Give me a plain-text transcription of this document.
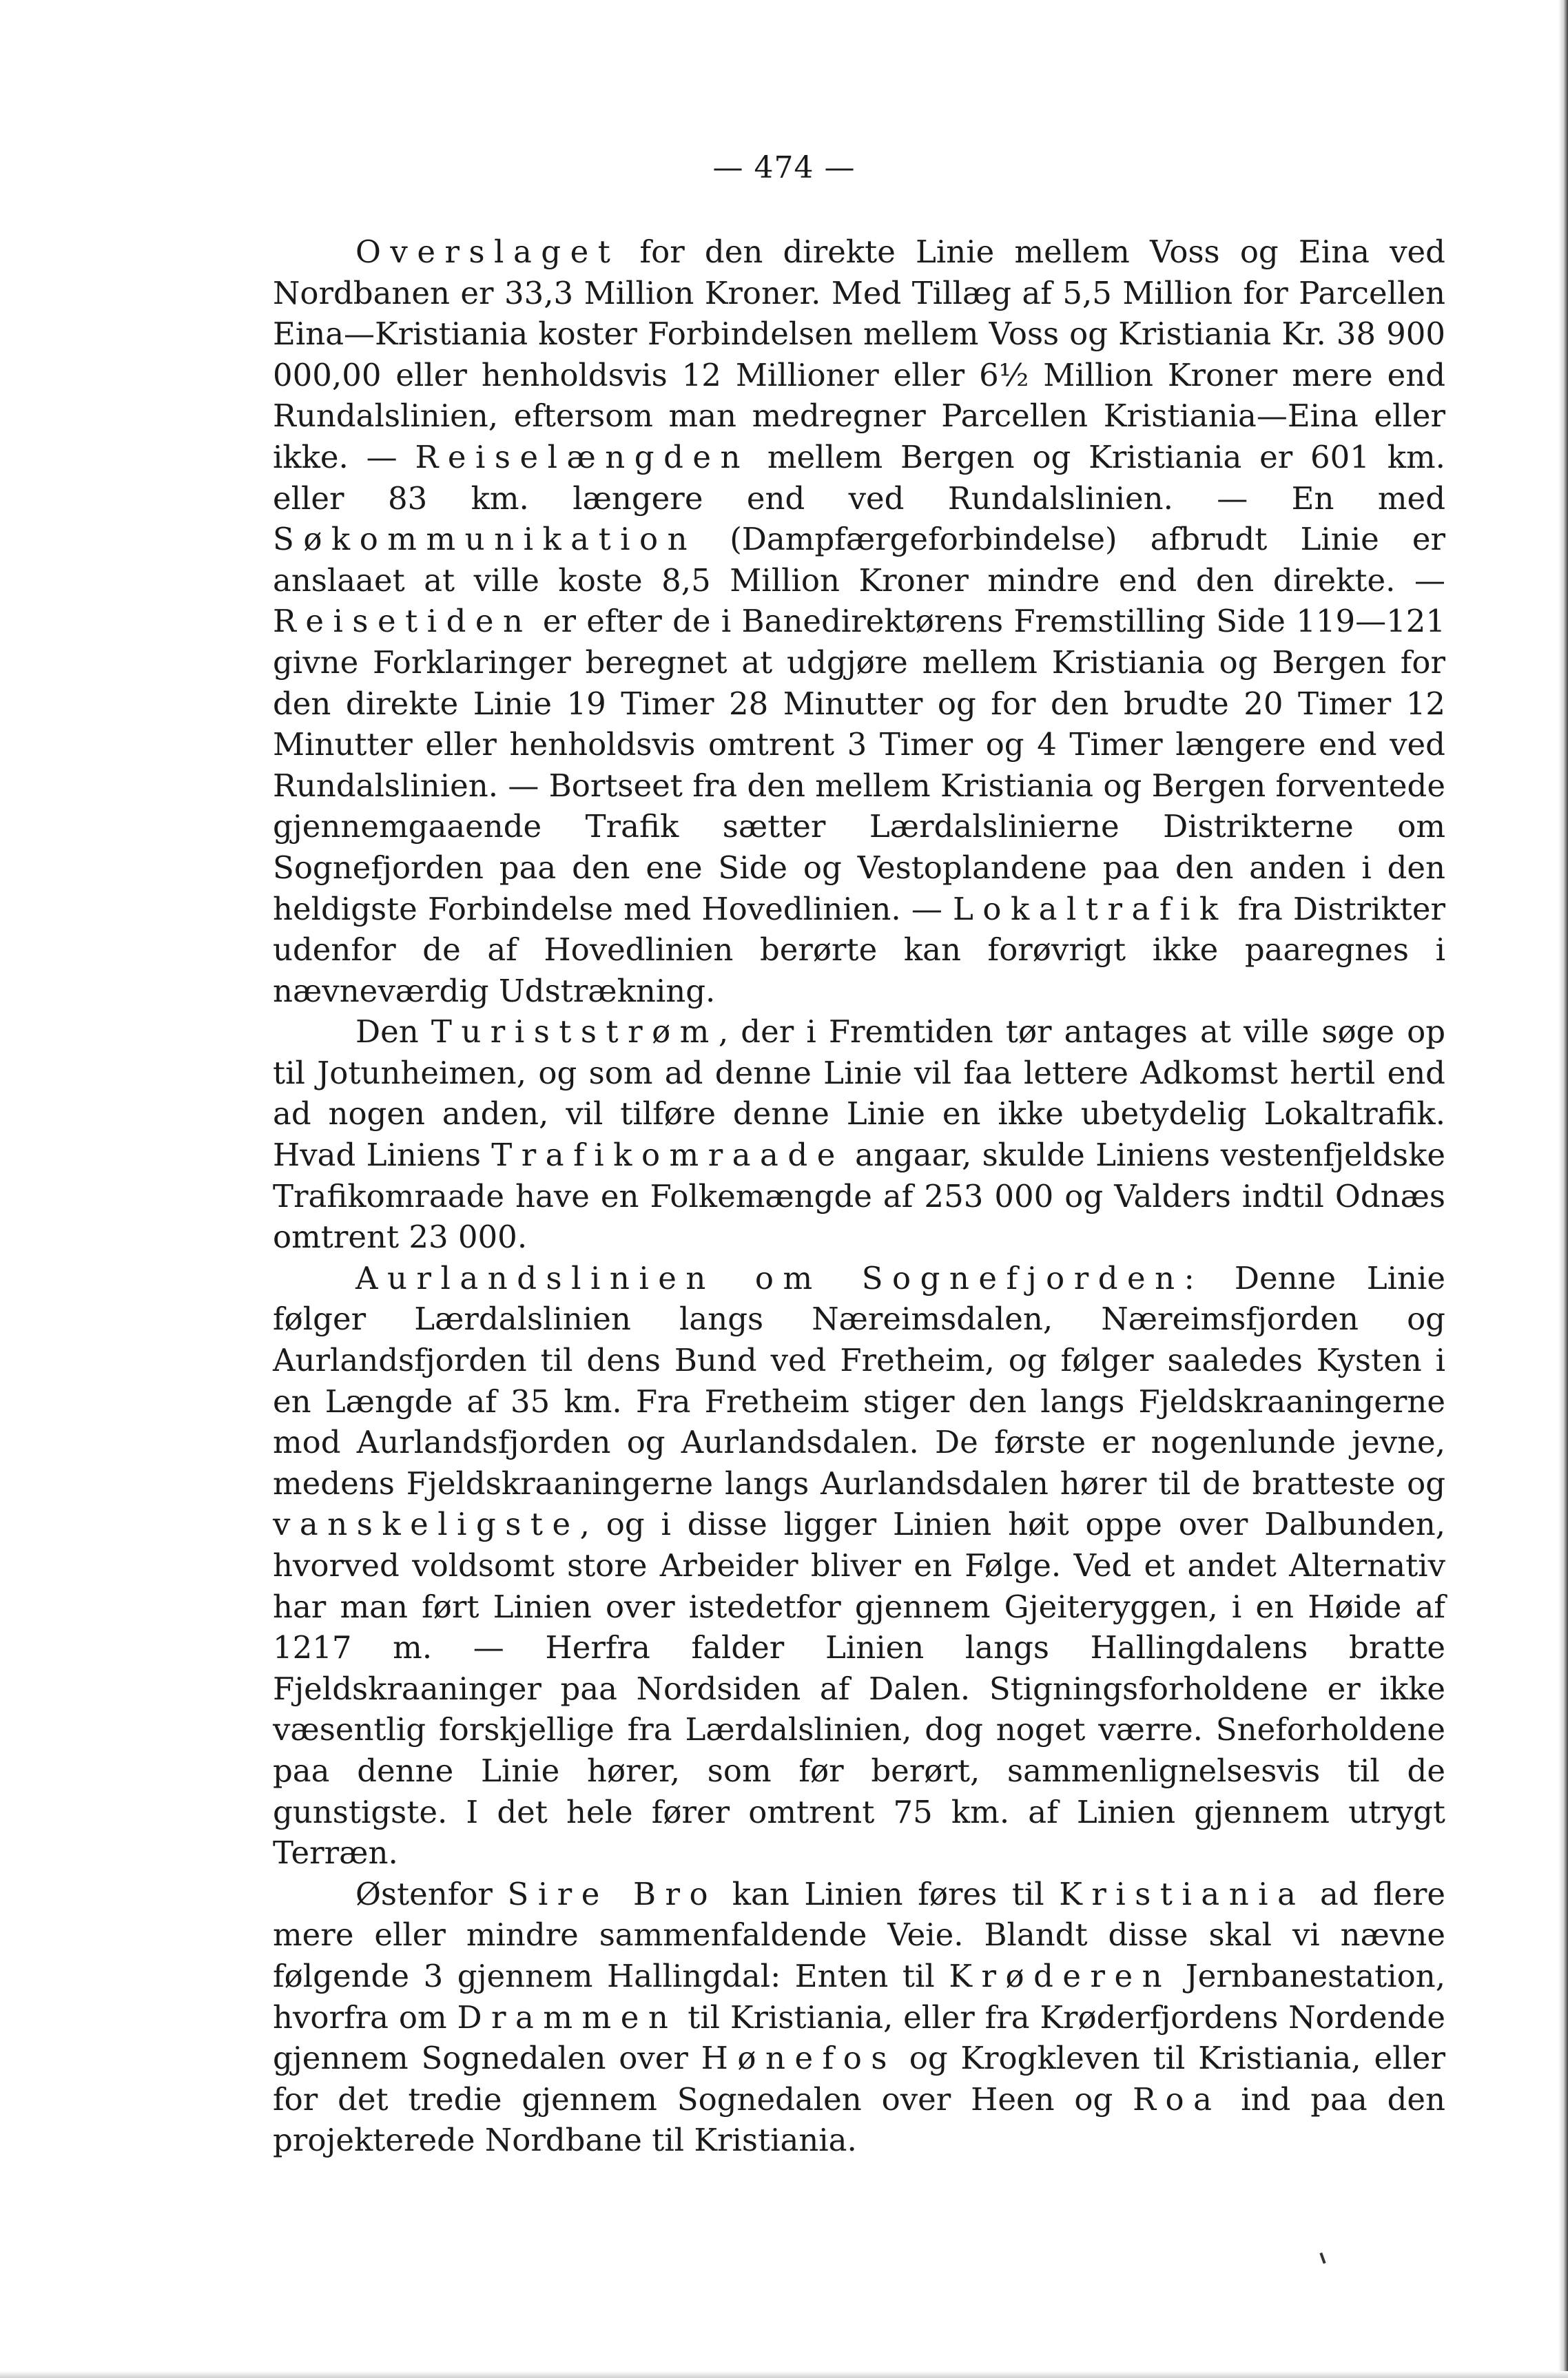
— 474 —

Overslaget for den direkte Linie mellem Voss og Eina ved Nordbanen er 33,3 Million Kroner. Med Tillæg af 5,5 Million for Parcellen Eina—Kristiania koster Forbindelsen mellem Voss og Kristiania Kr. 38 900 000,00 eller henholdsvis 12 Millioner eller 6½ Million Kroner mere end Rundalslinien, eftersom man medregner Parcellen Kristiania—Eina eller ikke. — Reiselængden mellem Bergen og Kristiania er 601 km. eller 83 km. længere end ved Rundalslinien. — En med Søkommunikation (Dampfærgeforbindelse) afbrudt Linie er anslaaet at ville koste 8,5 Million Kroner mindre end den direkte. — Reisetiden er efter de i Banedirektørens Fremstilling Side 119—121 givne Forklaringer beregnet at udgjøre mellem Kristiania og Bergen for den direkte Linie 19 Timer 28 Minutter og for den brudte 20 Timer 12 Minutter eller henholdsvis omtrent 3 Timer og 4 Timer længere end ved Rundalslinien. — Bortseet fra den mellem Kristiania og Bergen forventede gjennemgaaende Trafik sætter Lærdalslinierne Distrikterne om Sognefjorden paa den ene Side og Vestoplandene paa den anden i den heldigste Forbindelse med Hovedlinien. — Lokaltrafik fra Distrikter udenfor de af Hovedlinien berørte kan forøvrigt ikke paaregnes i nævneværdig Udstrækning.

Den Turiststrøm, der i Fremtiden tør antages at ville søge op til Jotunheimen, og som ad denne Linie vil faa lettere Adkomst hertil end ad nogen anden, vil tilføre denne Linie en ikke ubetydelig Lokaltrafik. Hvad Liniens Trafikomraade angaar, skulde Liniens vestenfjeldske Trafikomraade have en Folkemængde af 253 000 og Valders indtil Odnæs omtrent 23 000.

Aurlandslinien om Sognefjorden: Denne Linie følger Lærdalslinien langs Næreimsdalen, Næreimsfjorden og Aurlandsfjorden til dens Bund ved Fretheim, og følger saaledes Kysten i en Længde af 35 km. Fra Fretheim stiger den langs Fjeldskraaningerne mod Aurlandsfjorden og Aurlandsdalen. De første er nogenlunde jevne, medens Fjeldskraaningerne langs Aurlandsdalen hører til de bratteste og vanskeligste, og i disse ligger Linien høit oppe over Dalbunden, hvorved voldsomt store Arbeider bliver en Følge. Ved et andet Alternativ har man ført Linien over istedetfor gjennem Gjeiteryggen, i en Høide af 1217 m. — Herfra falder Linien langs Hallingdalens bratte Fjeldskraaninger paa Nordsiden af Dalen. Stigningsforholdene er ikke væsentlig forskjellige fra Lærdalslinien, dog noget værre. Sneforholdene paa denne Linie hører, som før berørt, sammenlignelsesvis til de gunstigste. I det hele fører omtrent 75 km. af Linien gjennem utrygt Terræn.

Østenfor Sire Bro kan Linien føres til Kristiania ad flere mere eller mindre sammenfaldende Veie. Blandt disse skal vi nævne følgende 3 gjennem Hallingdal: Enten til Krøderen Jernbanestation, hvorfra om Drammen til Kristiania, eller fra Krøderfjordens Nordende gjennem Sognedalen over Hønefos og Krogkleven til Kristiania, eller for det tredie gjennem Sognedalen over Heen og Roa ind paa den projekterede Nordbane til Kristiania.
